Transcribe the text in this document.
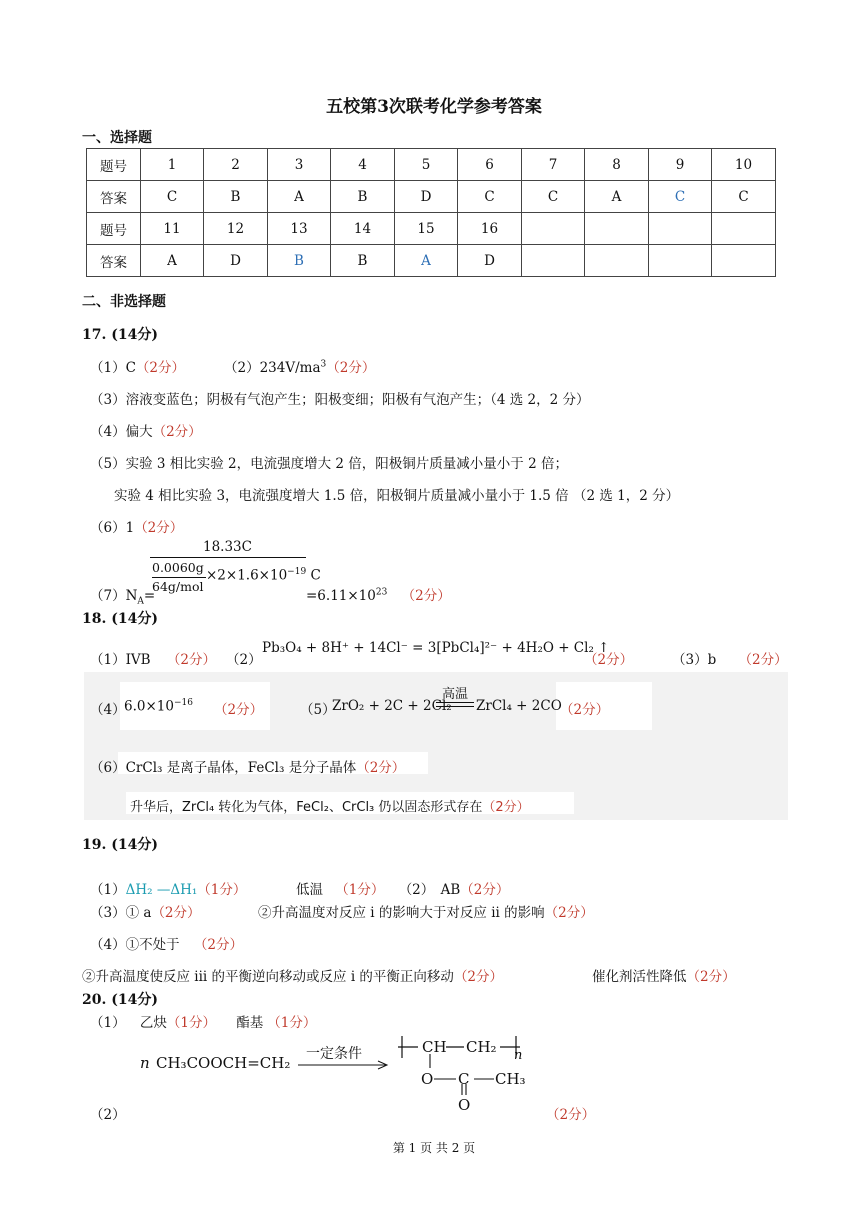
五校第3次联考化学参考答案
一、选择题
题号	1	2	3	4	5	6	7	8	9	10
答案	C	B	A	B	D	C	C	A	C	C
题号	11	12	13	14	15	16				
答案	A	D	B	B	A	D				
二、非选择题
17. (14分)
（1）C（2分）	$(2)234V/ma^3(2$分）
（3）溶液变蓝色；阴极有气泡产生；阳极变细；阳极有气泡产生；（4 选 2，2 分）
（4）偏大（2分）
（5）实验 3 相比实验 2，电流强度增大 2 倍，阳极铜片质量减小量小于 2 倍；
实验 4 相比实验 3，电流强度增大 1.5 倍，阳极铜片质量减小量小于 1.5 倍 （2 选 1，2 分）
（6）1（2分）
$(7)N_A=$
18.33C
0.0060g
64g/mol
$\times 2\times 1.6\times 10^{-19}$ C
$=6.11\times 10^{23}$ （2分）
18. (14分)
（1）IVB （2分） （2）
Pb₃O₄ + 8H⁺ + 14Cl⁻ = 3[PbCl₄]²⁻ + 4H₂O + Cl₂ ↑
（2分）	（3）b （2分）
（4）
$6.0\times 10^{-16}$ （2分）	（5）
ZrO₂ + 2C + 2Cl₂
高温
ZrCl₄ + 2CO
（2分）
（6）CrCl₃ 是离子晶体，FeCl₃ 是分子晶体（2分）
升华后，ZrCl₄ 转化为气体，FeCl₂、CrCl₃ 仍以固态形式存在（2分）
19. (14分)
（1）ΔH₂ —ΔH₁（1分）	低温 （1分） （2） AB（2分）
（3）① a（2分）	②升高温度对反应 i 的影响大于对反应 ii 的影响（2分）
（4）①不处于 （2分）
②升高温度使反应 iii 的平衡逆向移动或反应 i 的平衡正向移动（2分）	催化剂活性降低（2分）
20. (14分)
（1） 乙炔（1分） 酯基 （1分）
n CH₃COOCH=CH₂ 一定条件	CH CH₂ n
O C CH₃
O
（2）	（2分）
第 1 页 共 2 页
